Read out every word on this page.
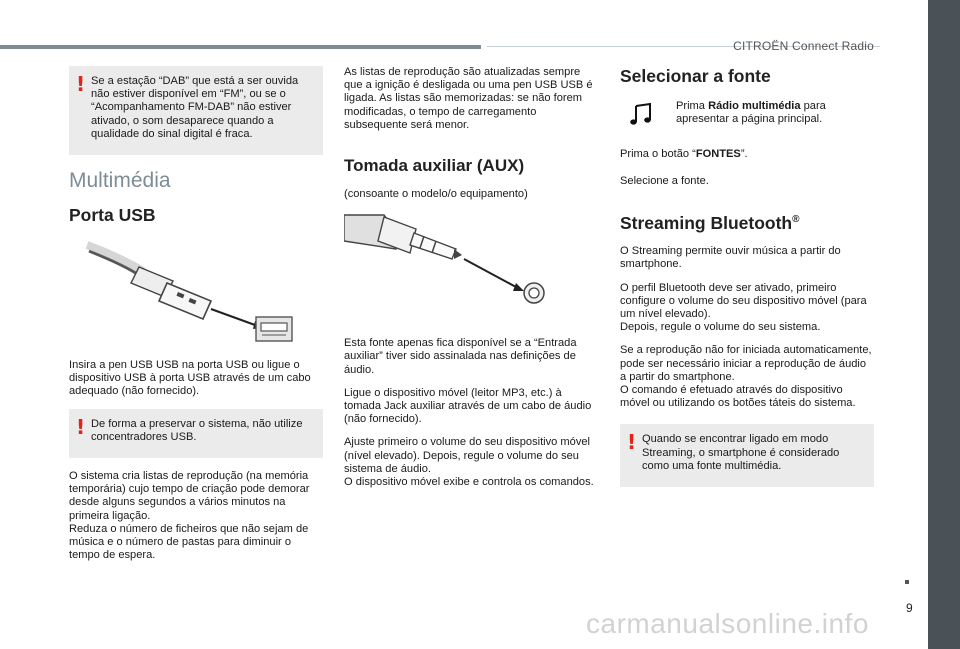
CITROËN Connect Radio
9
carmanualsonline.info
! Se a estação “DAB” que está a ser ouvida não estiver disponível em “FM”, ou se o “Acompanhamento FM-DAB” não estiver ativado, o som desaparece quando a qualidade do sinal digital é fraca.
Multimédia
Porta USB

Insira a pen USB USB na porta USB ou ligue o dispositivo USB à porta USB através de um cabo adequado (não fornecido).

! De forma a preservar o sistema, não utilize concentradores USB.

O sistema cria listas de reprodução (na memória temporária) cujo tempo de criação pode demorar desde alguns segundos a vários minutos na primeira ligação.
Reduza o número de ficheiros que não sejam de música e o número de pastas para diminuir o tempo de espera.

As listas de reprodução são atualizadas sempre que a ignição é desligada ou uma pen USB USB é ligada. As listas são memorizadas: se não forem modificadas, o tempo de carregamento subsequente será menor.

Tomada auxiliar (AUX)

(consoante o modelo/o equipamento)

Esta fonte apenas fica disponível se a “Entrada auxiliar” tiver sido assinalada nas definições de áudio.

Ligue o dispositivo móvel (leitor MP3, etc.) à tomada Jack auxiliar através de um cabo de áudio (não fornecido).

Ajuste primeiro o volume do seu dispositivo móvel (nível elevado). Depois, regule o volume do seu sistema de áudio.
O dispositivo móvel exibe e controla os comandos.

Selecionar a fonte

Prima Rádio multimédia para apresentar a página principal.

Prima o botão “FONTES”.

Selecione a fonte.

Streaming Bluetooth®

O Streaming permite ouvir música a partir do smartphone.

O perfil Bluetooth deve ser ativado, primeiro configure o volume do seu dispositivo móvel (para um nível elevado).
Depois, regule o volume do seu sistema.

Se a reprodução não for iniciada automaticamente, pode ser necessário iniciar a reprodução de áudio a partir do smartphone.
O comando é efetuado através do dispositivo móvel ou utilizando os botões táteis do sistema.

! Quando se encontrar ligado em modo Streaming, o smartphone é considerado como uma fonte multimédia.
